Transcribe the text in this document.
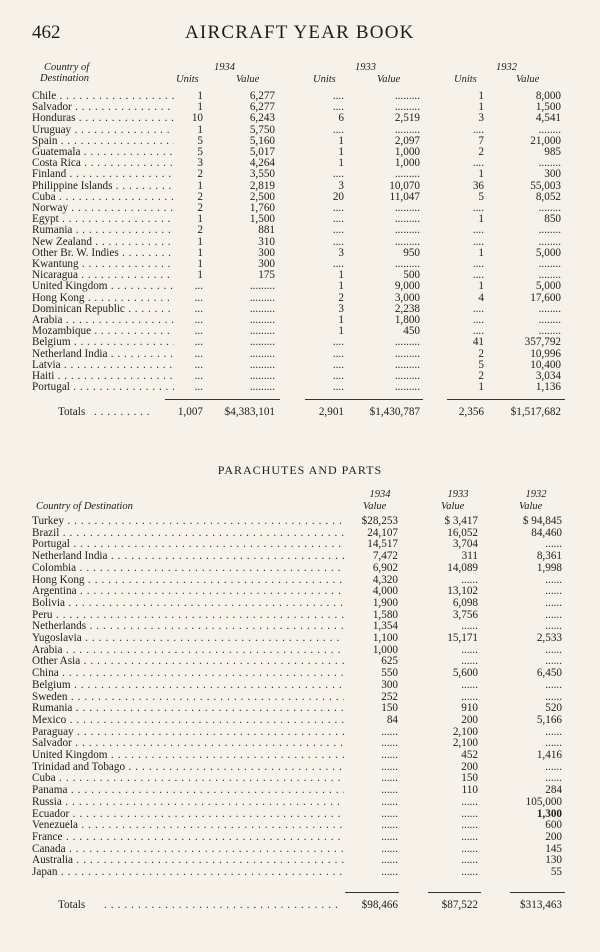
462	AIRCRAFT YEAR BOOK
Country of
Destination
1934	1933	1932
Units	Value	Units	Value	Units	Value
Chile . . .	1	6,277	....	.........	1	8,000
Salvador . . .	1	6,277	....	.........	1	1,500
Honduras . . .	10	6,243	6	2,519	3	4,541
Uruguay . . .	1	5,750	....	.........	....	........
Spain . . .	5	5,160	1	2,097	7	21,000
Guatemala . . .	5	5,017	1	1,000	2	985
Costa Rica . . .	3	4,264	1	1,000	....	........
Finland . . .	2	3,550	....	.........	1	300
Philippine Islands . . .	1	2,819	3	10,070	36	55,003
Cuba . . .	2	2,500	20	11,047	5	8,052
Norway . . .	2	1,760	....	.........	....	........
Egypt . . .	1	1,500	....	.........	1	850
Rumania . . .	2	881	....	.........	....	........
New Zealand . . .	1	310	....	.........	....	........
Other Br. W. Indies . . .	1	300	3	950	1	5,000
Kwantung . . .	1	300	....	.........	....	........
Nicaragua . . .	1	175	1	500	....	........
United Kingdom . . .	...	.........	1	9,000	1	5,000
Hong Kong . . .	...	.........	2	3,000	4	17,600
Dominican Republic . . .	...	.........	3	2,238	....	........
Arabia . . .	...	.........	1	1,800	....	........
Mozambique . . .	...	.........	1	450	....	........
Belgium . . .	...	.........	....	.........	41	357,792
Netherland India . . .	...	.........	....	.........	2	10,996
Latvia . . .	...	.........	....	.........	5	10,400
Haiti . . .	...	.........	....	.........	2	3,034
Portugal . . .	...	.........	....	.........	1	1,136
Totals . . . . . . . . .	1,007	$4,383,101	2,901	$1,430,787	2,356	$1,517,682
PARACHUTES AND PARTS
1934	1933	1932
Country of Destination	Value	Value	Value
Turkey . . .	$28,253	$ 3,417	$ 94,845
Brazil . . .	24,107	16,052	84,460
Portugal . . .	14,517	3,704	......
Netherland India . . .	7,472	311	8,361
Colombia . . .	6,902	14,089	1,998
Hong Kong . . .	4,320	......	......
Argentina . . .	4,000	13,102	......
Bolivia . . .	1,900	6,098	......
Peru . . .	1,580	3,756	......
Netherlands . . .	1,354	......	......
Yugoslavia . . .	1,100	15,171	2,533
Arabia . . .	1,000	......	......
Other Asia . . .	625	......	......
China . . .	550	5,600	6,450
Belgium . . .	300	......	......
Sweden . . .	252	......	......
Rumania . . .	150	910	520
Mexico . . .	84	200	5,166
Paraguay . . .	......	2,100	......
Salvador . . .	......	2,100	......
United Kingdom . . .	......	452	1,416
Trinidad and Tobago . . .	......	200	......
Cuba . . .	......	150	......
Panama . . .	......	110	284
Russia . . .	......	......	105,000
Ecuador . . .	......	......	1,300
Venezuela . . .	......	......	600
France . . .	......	......	200
Canada . . .	......	......	145
Australia . . .	......	......	130
Japan . . .	......	......	55
Totals . . . . . . . . . . . . . . . . . . . . . . . . . . . . . . . . . . .	$98,466	$87,522	$313,463
